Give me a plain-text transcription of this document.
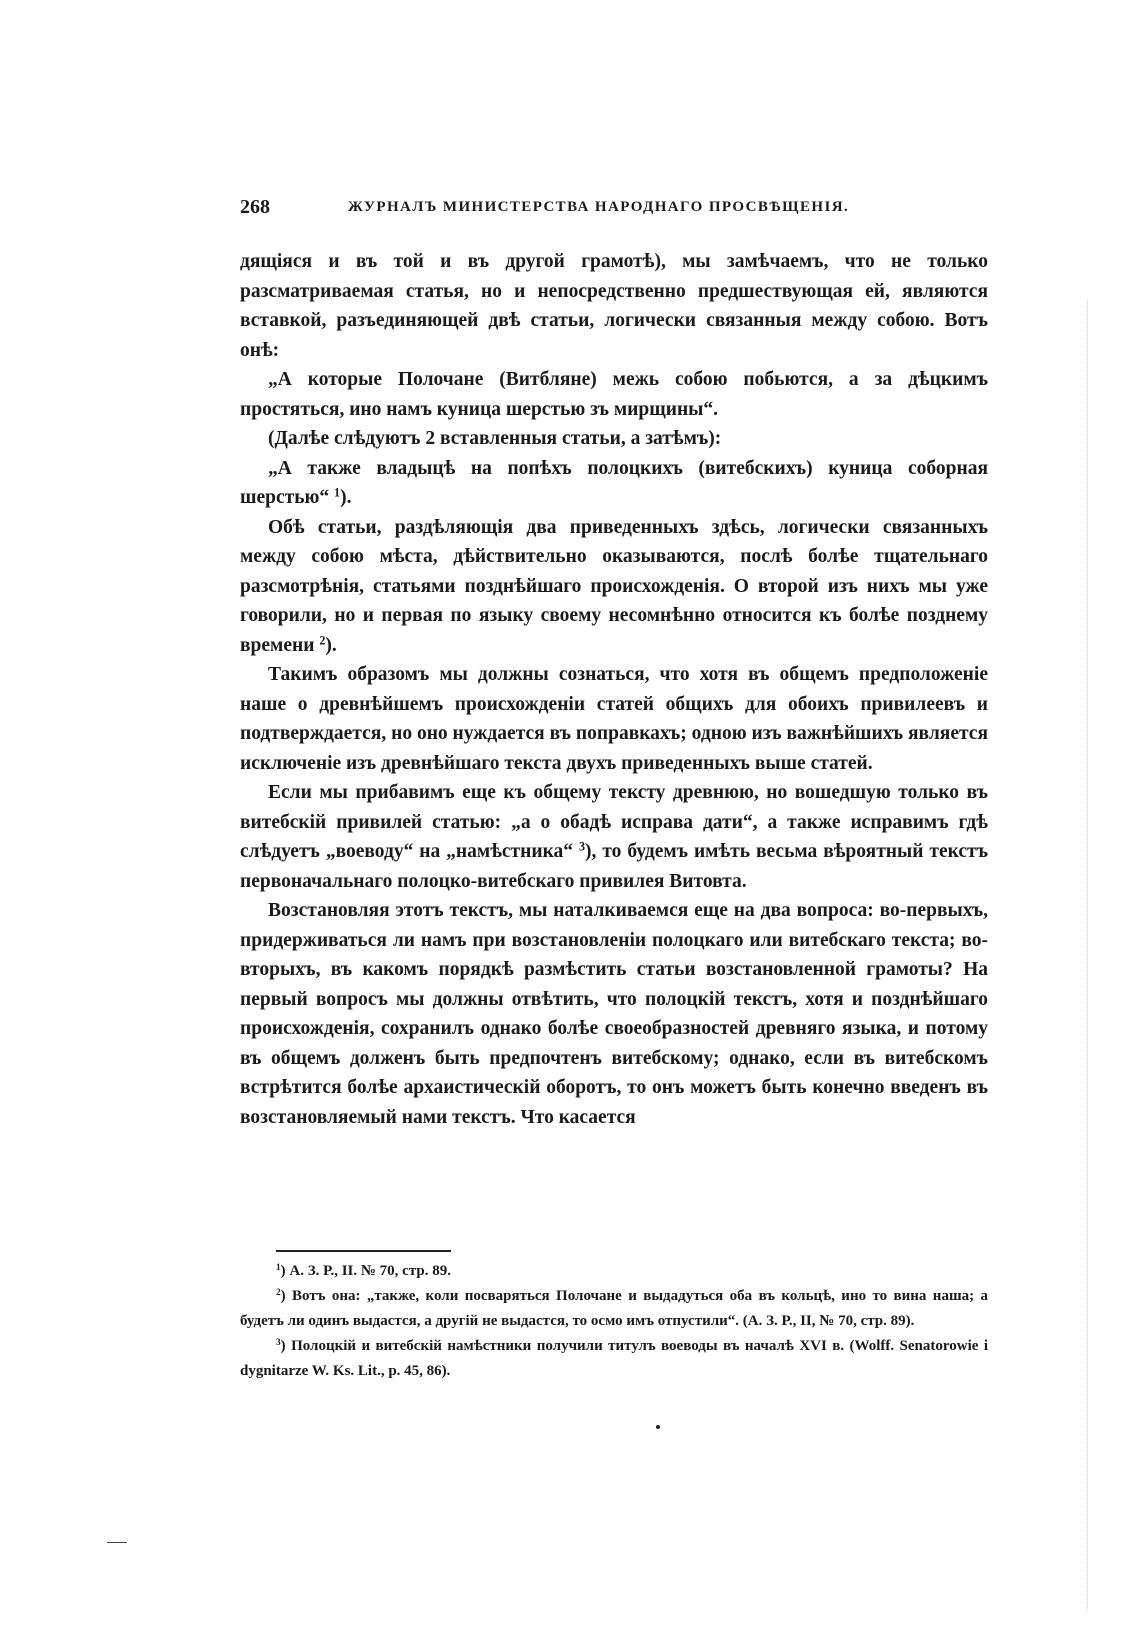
268	ЖУРНАЛЪ МИНИСТЕРСТВА НАРОДНАГО ПРОСВѢЩЕНІЯ.

дящіяся и въ той и въ другой грамотѣ), мы замѣчаемъ, что не только разсматриваемая статья, но и непосредственно предшествующая ей, являются вставкой, разъединяющей двѣ статьи, логически связанныя между собою. Вотъ онѣ:

„А которые Полочане (Витбляне) межь собою побьются, а за дѣцкимъ простяться, ино намъ куница шерстью зъ мирщины“.

(Далѣе слѣдуютъ 2 вставленныя статьи, а затѣмъ):

„А также владыцѣ на попѣхъ полоцкихъ (витебскихъ) куница соборная шерстью“ $^1$).

Обѣ статьи, раздѣляющія два приведенныхъ здѣсь, логически связанныхъ между собою мѣста, дѣйствительно оказываются, послѣ болѣе тщательнаго разсмотрѣнія, статьями позднѣйшаго происхожденія. О второй изъ нихъ мы уже говорили, но и первая по языку своему несомнѣнно относится къ болѣе позднему времени $^2$).

Такимъ образомъ мы должны сознаться, что хотя въ общемъ предположеніе наше о древнѣйшемъ происхожденіи статей общихъ для обоихъ привилеевъ и подтверждается, но оно нуждается въ поправкахъ; одною изъ важнѣйшихъ является исключеніе изъ древнѣйшаго текста двухъ приведенныхъ выше статей.

Если мы прибавимъ еще къ общему тексту древнюю, но вошедшую только въ витебскій привилей статью: „а о обадѣ исправа дати“, а также исправимъ гдѣ слѣдуетъ „воеводу“ на „намѣстника“ $^3$), то будемъ имѣть весьма вѣроятный текстъ первоначальнаго полоцко-витебскаго привилея Витовта.

Возстановляя этотъ текстъ, мы наталкиваемся еще на два вопроса: во-первыхъ, придерживаться ли намъ при возстановленіи полоцкаго или витебскаго текста; во-вторыхъ, въ какомъ порядкѣ размѣстить статьи возстановленной грамоты? На первый вопросъ мы должны отвѣтить, что полоцкій текстъ, хотя и позднѣйшаго происхожденія, сохранилъ однако болѣе своеобразностей древняго языка, и потому въ общемъ долженъ быть предпочтенъ витебскому; однако, если въ витебскомъ встрѣтится болѣе архаистическій оборотъ, то онъ можетъ быть конечно введенъ въ возстановляемый нами текстъ. Что касается

$^1$) А. З. Р., II. № 70, стр. 89.

$^2$) Вотъ она: „также, коли посваряться Полочане и выдадуться оба въ кольцѣ, ино то вина наша; а будетъ ли одинъ выдастся, а другій не выдастся, то осмо имъ отпустили“. (А. З. Р., II, № 70, стр. 89).

$^3$) Полоцкій и витебскій намѣстники получили титулъ воеводы въ началѣ XVI в. (Wolff. Senatorowie i dygnitarze W. Ks. Lit., p. 45, 86).
